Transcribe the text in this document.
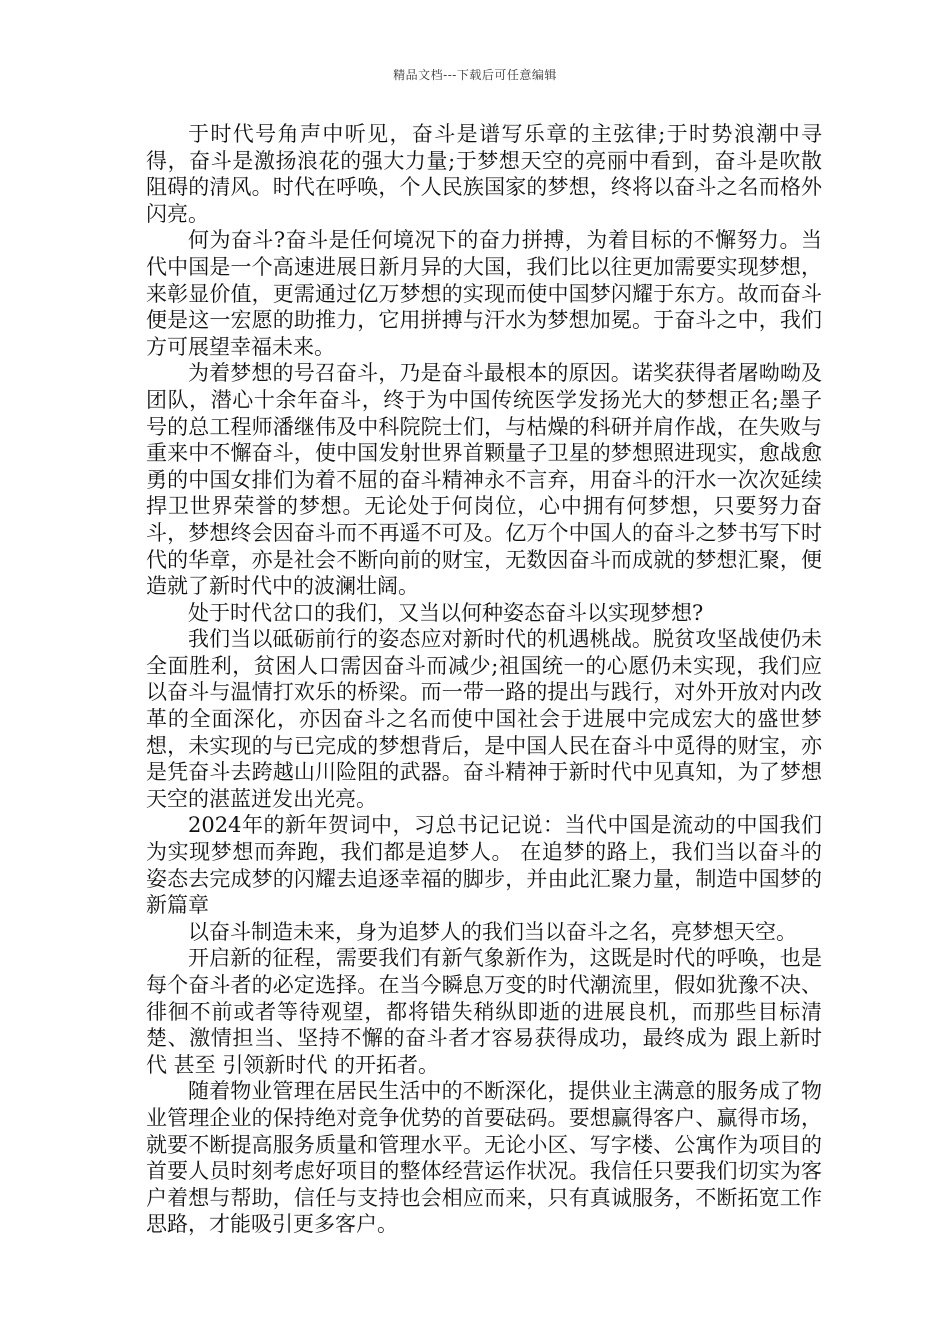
精品文档---下载后可任意编辑

于时代号角声中听见，奋斗是谱写乐章的主弦律;于时势浪潮中寻得，奋斗是激扬浪花的强大力量;于梦想天空的亮丽中看到，奋斗是吹散阻碍的清风。时代在呼唤，个人民族国家的梦想，终将以奋斗之名而格外闪亮。

何为奋斗?奋斗是任何境况下的奋力拼搏，为着目标的不懈努力。当代中国是一个高速进展日新月异的大国，我们比以往更加需要实现梦想，来彰显价值，更需通过亿万梦想的实现而使中国梦闪耀于东方。故而奋斗便是这一宏愿的助推力，它用拼搏与汗水为梦想加冕。于奋斗之中，我们方可展望幸福未来。

为着梦想的号召奋斗，乃是奋斗最根本的原因。诺奖获得者屠呦呦及团队，潜心十余年奋斗，终于为中国传统医学发扬光大的梦想正名;墨子号的总工程师潘继伟及中科院院士们，与枯燥的科研并肩作战，在失败与重来中不懈奋斗，使中国发射世界首颗量子卫星的梦想照进现实，愈战愈勇的中国女排们为着不屈的奋斗精神永不言弃，用奋斗的汗水一次次延续捍卫世界荣誉的梦想。无论处于何岗位，心中拥有何梦想，只要努力奋斗，梦想终会因奋斗而不再遥不可及。亿万个中国人的奋斗之梦书写下时代的华章，亦是社会不断向前的财宝，无数因奋斗而成就的梦想汇聚，便造就了新时代中的波澜壮阔。

处于时代岔口的我们，又当以何种姿态奋斗以实现梦想?

我们当以砥砺前行的姿态应对新时代的机遇桃战。脱贫攻坚战使仍未全面胜利，贫困人口需因奋斗而减少;祖国统一的心愿仍未实现，我们应以奋斗与温情打欢乐的桥梁。而一带一路的提出与践行，对外开放对内改革的全面深化，亦因奋斗之名而使中国社会于进展中完成宏大的盛世梦想，未实现的与已完成的梦想背后，是中国人民在奋斗中觅得的财宝，亦是凭奋斗去跨越山川险阻的武器。奋斗精神于新时代中见真知，为了梦想天空的湛蓝迸发出光亮。

2024年的新年贺词中，习总书记记说：当代中国是流动的中国我们为实现梦想而奔跑，我们都是追梦人。 在追梦的路上，我们当以奋斗的姿态去完成梦的闪耀去追逐幸福的脚步，并由此汇聚力量，制造中国梦的新篇章

以奋斗制造未来，身为追梦人的我们当以奋斗之名，亮梦想天空。

开启新的征程，需要我们有新气象新作为，这既是时代的呼唤，也是每个奋斗者的必定选择。在当今瞬息万变的时代潮流里，假如犹豫不决、徘徊不前或者等待观望，都将错失稍纵即逝的进展良机，而那些目标清楚、激情担当、坚持不懈的奋斗者才容易获得成功，最终成为 跟上新时代 甚至 引领新时代 的开拓者。

随着物业管理在居民生活中的不断深化，提供业主满意的服务成了物业管理企业的保持绝对竞争优势的首要砝码。要想赢得客户、赢得市场，就要不断提高服务质量和管理水平。无论小区、写字楼、公寓作为项目的首要人员时刻考虑好项目的整体经营运作状况。我信任只要我们切实为客户着想与帮助，信任与支持也会相应而来，只有真诚服务，不断拓宽工作思路，才能吸引更多客户。
